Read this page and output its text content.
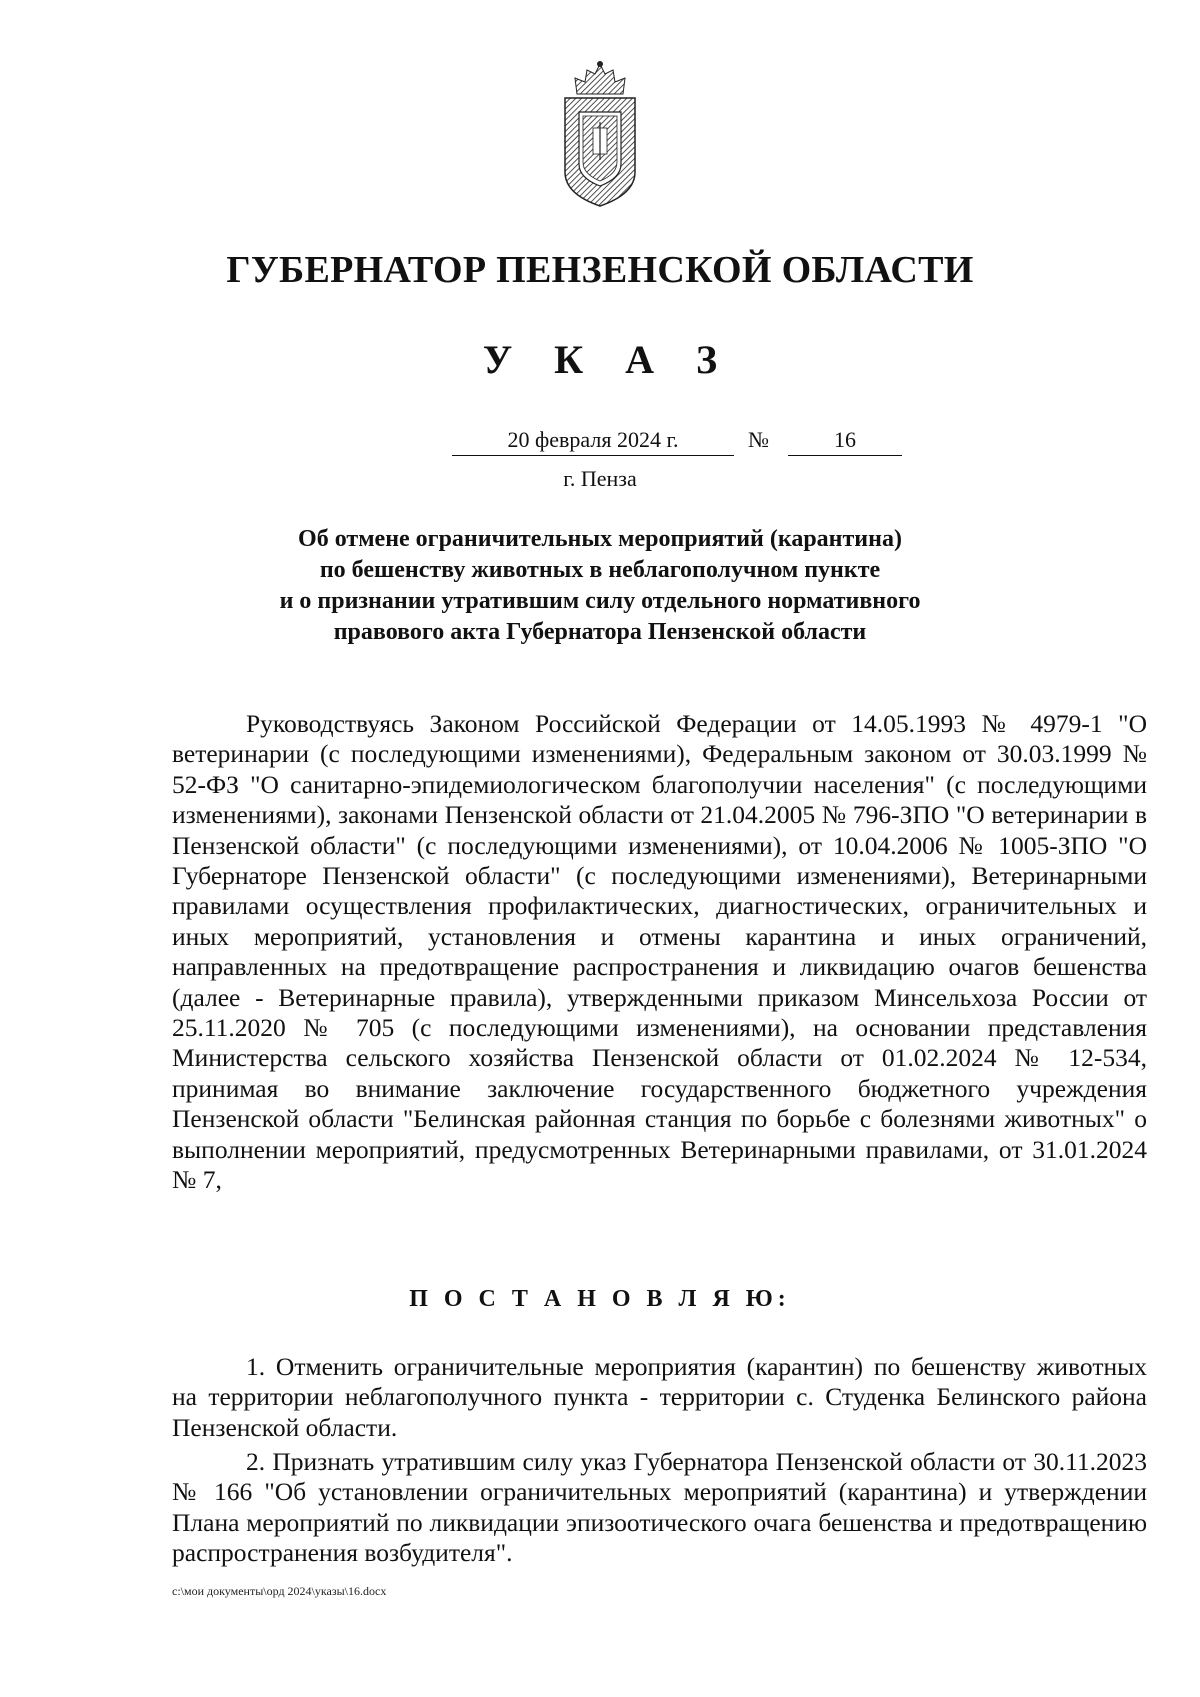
ГУБЕРНАТОР ПЕНЗЕНСКОЙ ОБЛАСТИ
У К А З
20 февраля 2024 г.	№	16
г. Пенза
Об отмене ограничительных мероприятий (карантина)
по бешенству животных в неблагополучном пункте
и о признании утратившим силу отдельного нормативного
правового акта Губернатора Пензенской области
Руководствуясь Законом Российской Федерации от 14.05.1993 № 4979-1 "О ветеринарии (с последующими изменениями), Федеральным законом от 30.03.1999 № 52-ФЗ "О санитарно-эпидемиологическом благополучии населения" (с последующими изменениями), законами Пензенской области от 21.04.2005 № 796-ЗПО "О ветеринарии в Пензенской области" (с последующими изменениями), от 10.04.2006 № 1005-ЗПО "О Губернаторе Пензенской области" (с последующими изменениями), Ветеринарными правилами осуществления профилактических, диагностических, ограничительных и иных мероприятий, установления и отмены карантина и иных ограничений, направленных на предотвращение распространения и ликвидацию очагов бешенства (далее - Ветеринарные правила), утвержденными приказом Минсельхоза России от 25.11.2020 № 705 (с последующими изменениями), на основании представления Министерства сельского хозяйства Пензенской области от 01.02.2024 № 12-534, принимая во внимание заключение государственного бюджетного учреждения Пензенской области "Белинская районная станция по борьбе с болезнями животных" о выполнении мероприятий, предусмотренных Ветеринарными правилами, от 31.01.2024 № 7,
П О С Т А Н О В Л Я Ю:
1. Отменить ограничительные мероприятия (карантин) по бешенству животных на территории неблагополучного пункта - территории с. Студенка Белинского района Пензенской области.
2. Признать утратившим силу указ Губернатора Пензенской области от 30.11.2023 № 166 "Об установлении ограничительных мероприятий (карантина) и утверждении Плана мероприятий по ликвидации эпизоотического очага бешенства и предотвращению распространения возбудителя".
c:\мои документы\орд 2024\указы\16.docx
